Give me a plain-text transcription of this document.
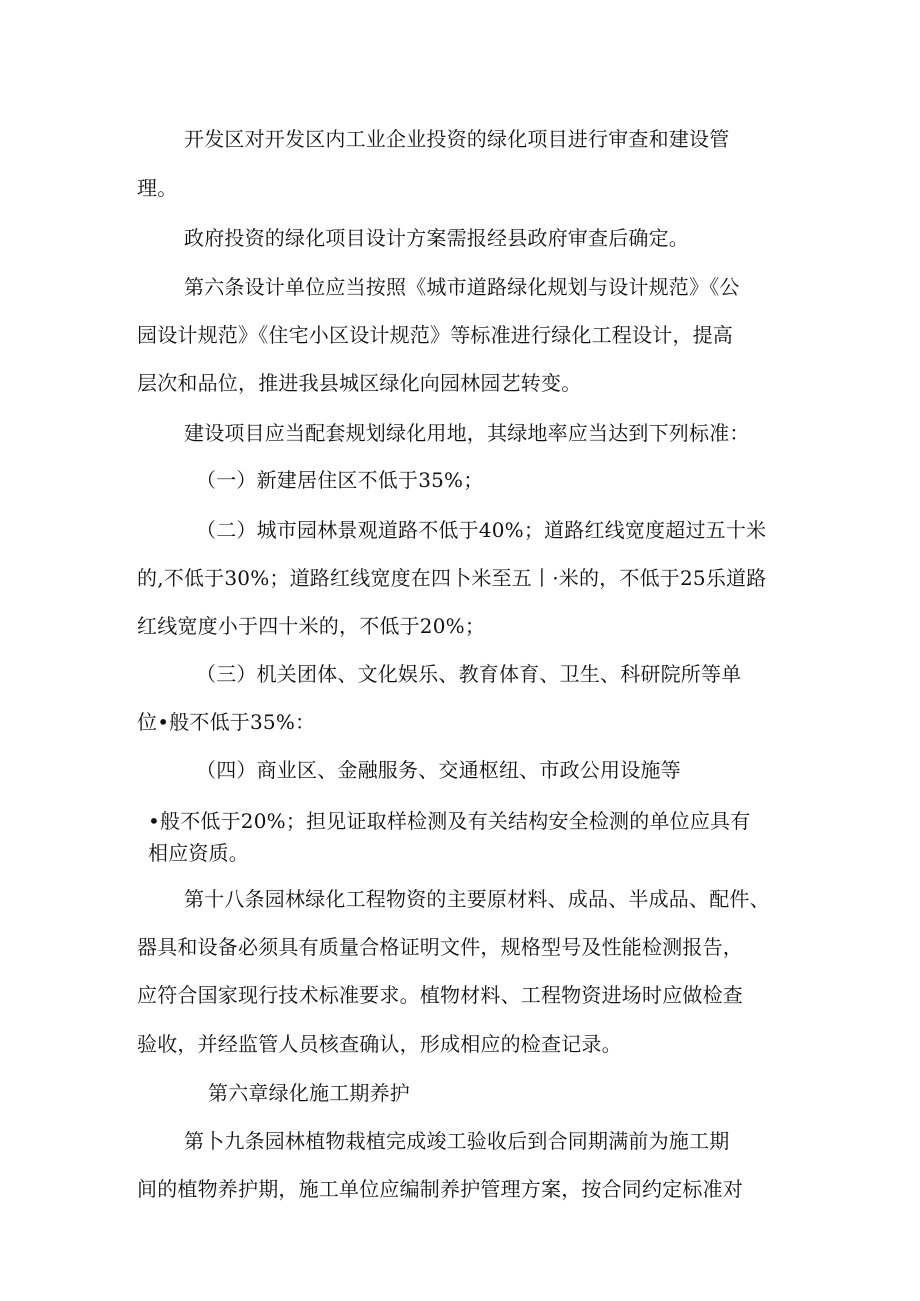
开发区对开发区内工业企业投资的绿化项目进行审查和建设管
理。
政府投资的绿化项目设计方案需报经县政府审查后确定。
第六条设计单位应当按照《城市道路绿化规划与设计规范》《公
园设计规范》《住宅小区设计规范》等标准进行绿化工程设计，提高
层次和品位，推进我县城区绿化向园林园艺转变。
建设项目应当配套规划绿化用地，其绿地率应当达到下列标准：
（一）新建居住区不低于35%；
（二）城市园林景观道路不低于40%；道路红线宽度超过五十米
的,不低于30%；道路红线宽度在四卜米至五丨·米的，不低于25乐道路
红线宽度小于四十米的，不低于20%；
（三）机关团体、文化娱乐、教育体育、卫生、科研院所等单
位•般不低于35%：
（四）商业区、金融服务、交通枢纽、市政公用设施等
•般不低于20%；担见证取样检测及有关结构安全检测的单位应具有
相应资质。
第十八条园林绿化工程物资的主要原材料、成品、半成品、配件、
器具和设备必须具有质量合格证明文件，规格型号及性能检测报告，
应符合国家现行技术标准要求。植物材料、工程物资进场时应做检查
验收，并经监管人员核查确认，形成相应的检查记录。
第六章绿化施工期养护
第卜九条园林植物栽植完成竣工验收后到合同期满前为施工期
间的植物养护期，施工单位应编制养护管理方案，按合同约定标准对
